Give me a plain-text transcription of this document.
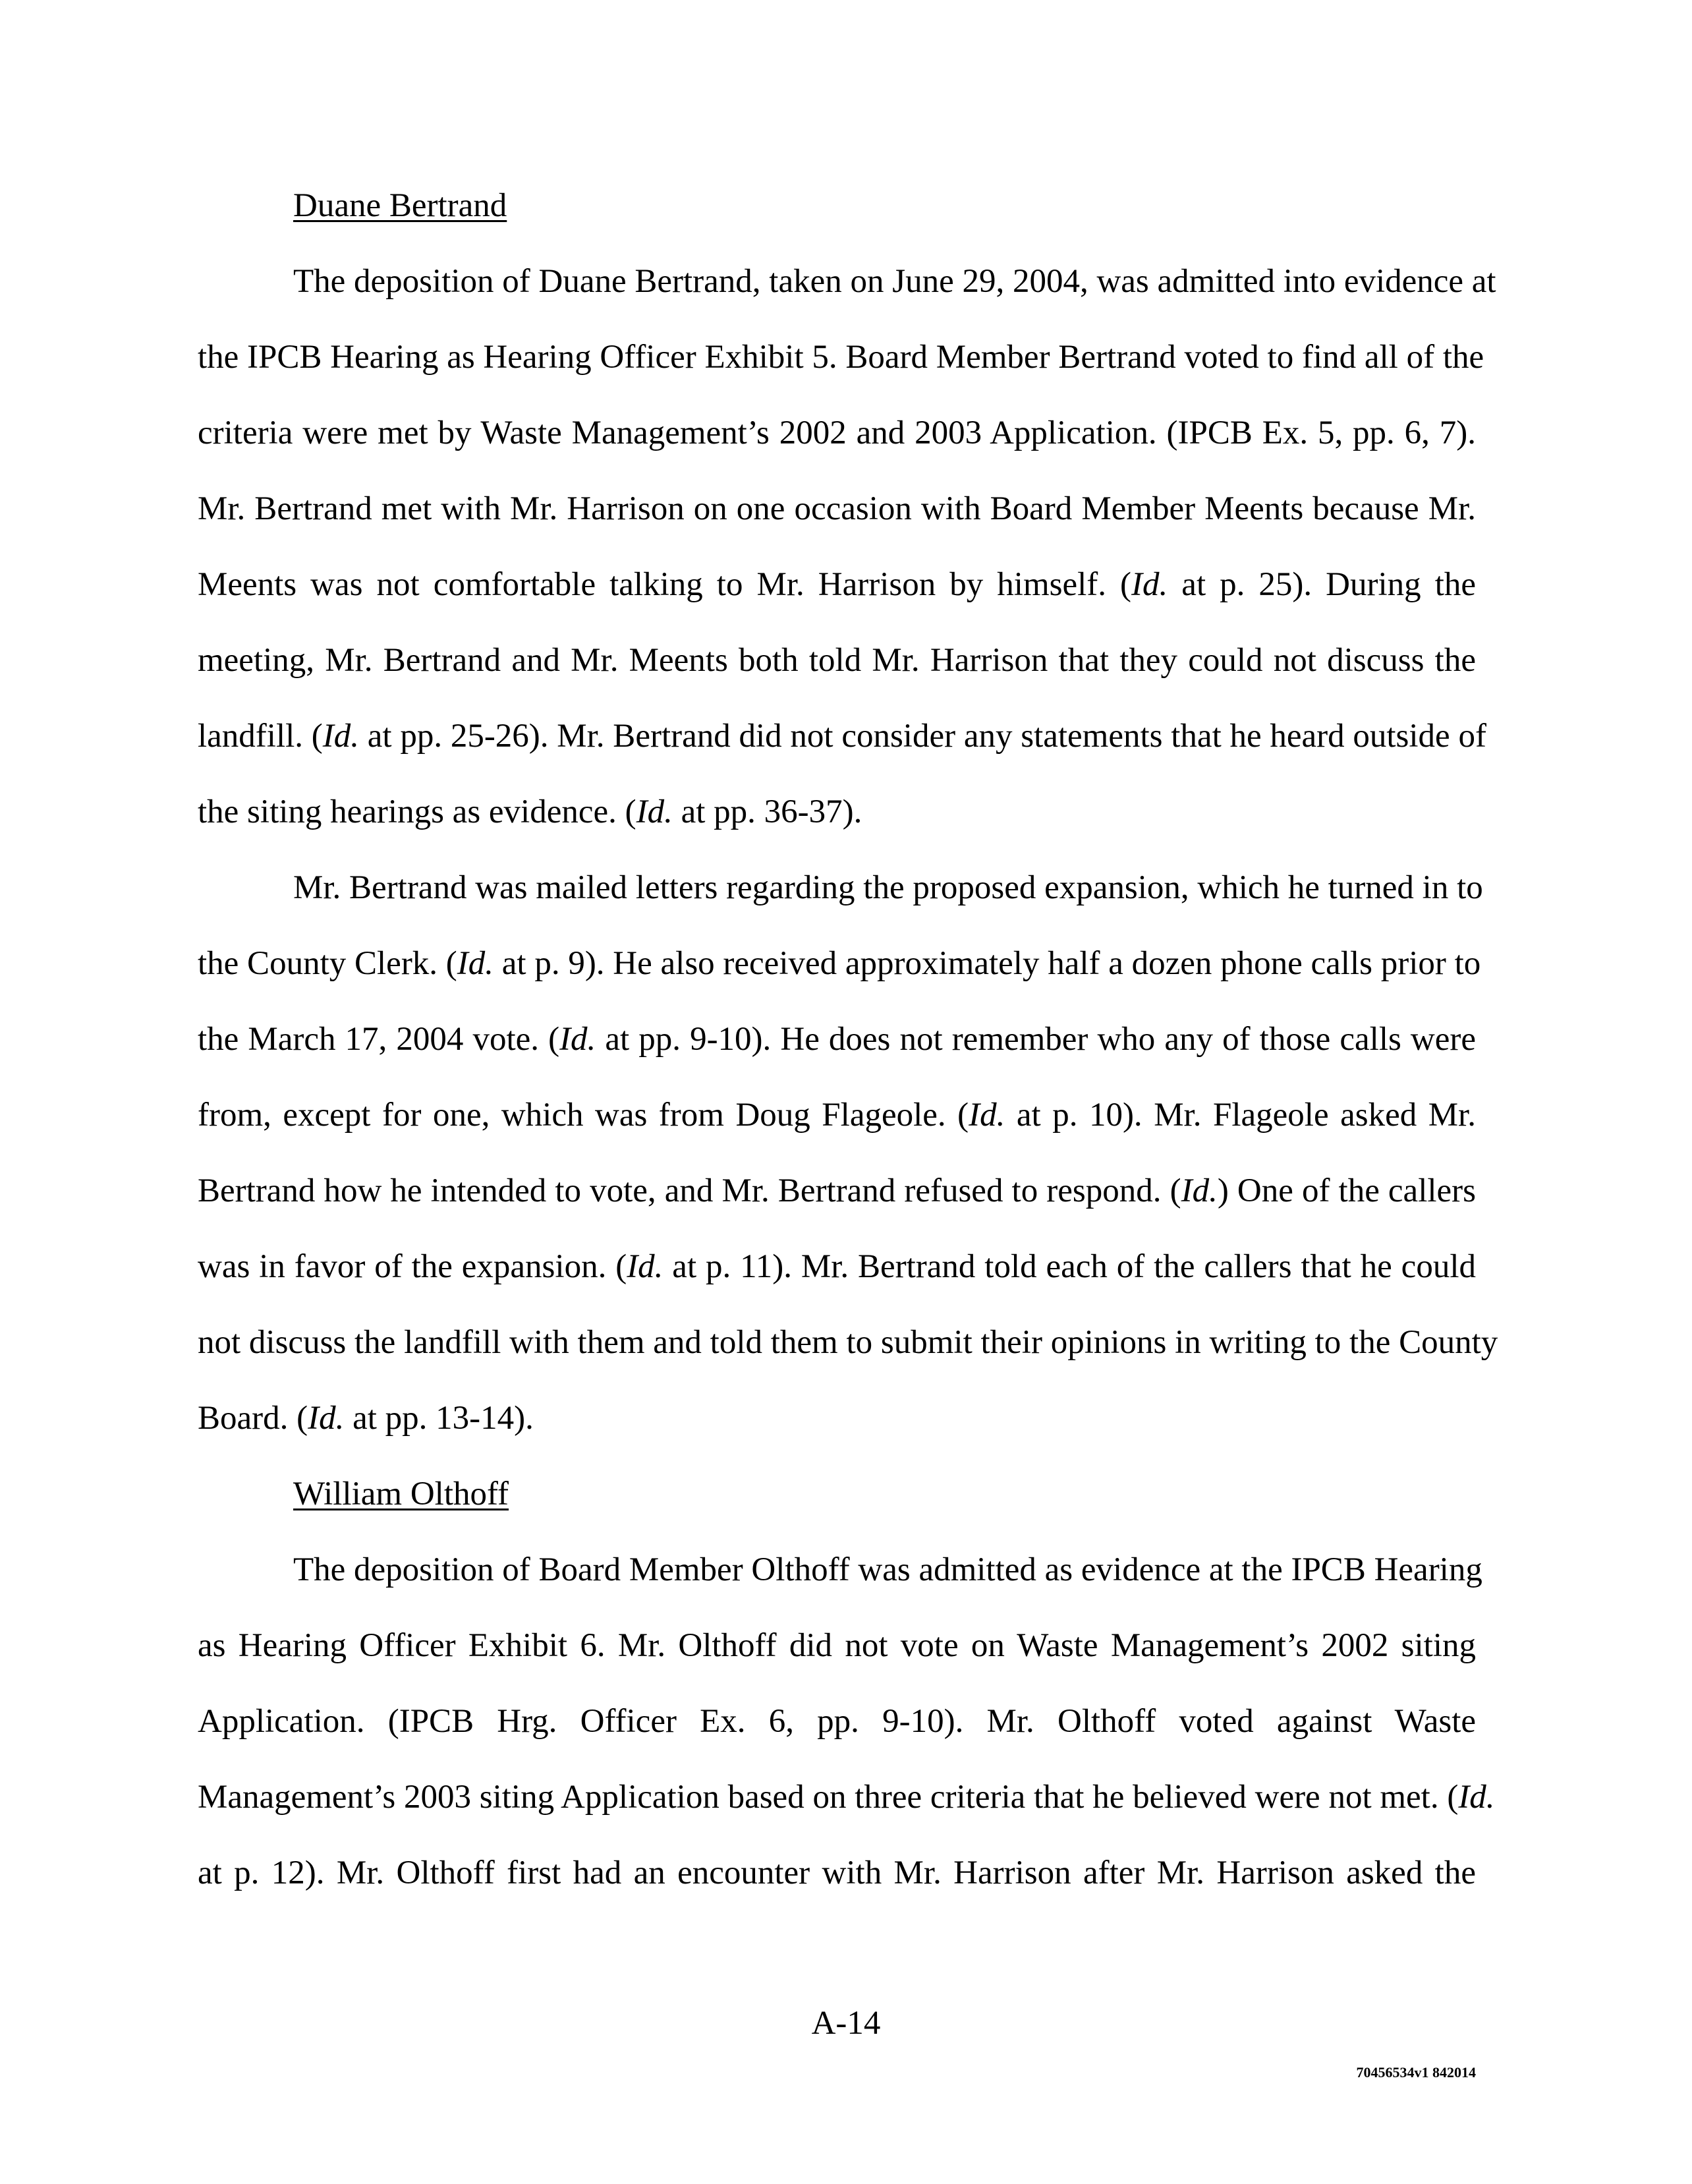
Duane Bertrand
The deposition of Duane Bertrand, taken on June 29, 2004, was admitted into evidence at
the IPCB Hearing as Hearing Officer Exhibit 5. Board Member Bertrand voted to find all of the
criteria were met by Waste Management’s 2002 and 2003 Application. (IPCB Ex. 5, pp. 6, 7).
Mr. Bertrand met with Mr. Harrison on one occasion with Board Member Meents because Mr.
Meents was not comfortable talking to Mr. Harrison by himself. (Id. at p. 25). During the
meeting, Mr. Bertrand and Mr. Meents both told Mr. Harrison that they could not discuss the
landfill. (Id. at pp. 25-26). Mr. Bertrand did not consider any statements that he heard outside of
the siting hearings as evidence. (Id. at pp. 36-37).
Mr. Bertrand was mailed letters regarding the proposed expansion, which he turned in to
the County Clerk. (Id. at p. 9). He also received approximately half a dozen phone calls prior to
the March 17, 2004 vote. (Id. at pp. 9-10). He does not remember who any of those calls were
from, except for one, which was from Doug Flageole. (Id. at p. 10). Mr. Flageole asked Mr.
Bertrand how he intended to vote, and Mr. Bertrand refused to respond. (Id.) One of the callers
was in favor of the expansion. (Id. at p. 11). Mr. Bertrand told each of the callers that he could
not discuss the landfill with them and told them to submit their opinions in writing to the County
Board. (Id. at pp. 13-14).
William Olthoff
The deposition of Board Member Olthoff was admitted as evidence at the IPCB Hearing
as Hearing Officer Exhibit 6. Mr. Olthoff did not vote on Waste Management’s 2002 siting
Application. (IPCB Hrg. Officer Ex. 6, pp. 9-10). Mr. Olthoff voted against Waste
Management’s 2003 siting Application based on three criteria that he believed were not met. (Id.
at p. 12). Mr. Olthoff first had an encounter with Mr. Harrison after Mr. Harrison asked the
A-14
70456534v1 842014
